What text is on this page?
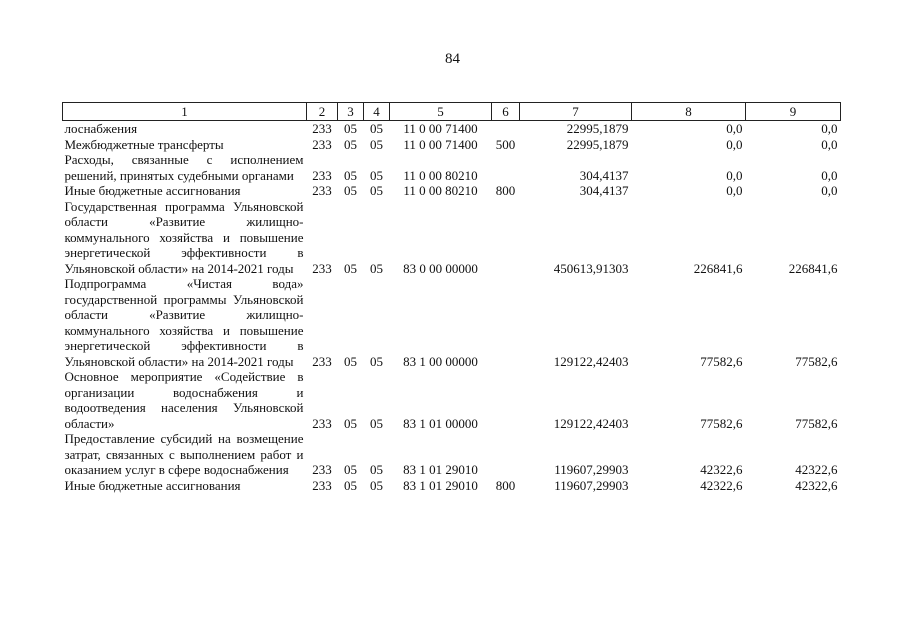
84
1	2	3	4	5	6	7	8	9
лоснабжения	233	05	05	11 0 00 71400		22995,1879	0,0	0,0
Межбюджетные трансферты	233	05	05	11 0 00 71400	500	22995,1879	0,0	0,0
Расходы, связанные с исполнением решений, принятых судебными органами	233	05	05	11 0 00 80210		304,4137	0,0	0,0
Иные бюджетные ассигнования	233	05	05	11 0 00 80210	800	304,4137	0,0	0,0
Государственная программа Ульяновской области «Развитие жилищно-коммунального хозяйства и повышение энергетической эффективности в Ульяновской области» на 2014-2021 годы	233	05	05	83 0 00 00000		450613,91303	226841,6	226841,6
Подпрограмма «Чистая вода» государственной программы Ульяновской области «Развитие жилищно-коммунального хозяйства и повышение энергетической эффективности в Ульяновской области» на 2014-2021 годы	233	05	05	83 1 00 00000		129122,42403	77582,6	77582,6
Основное мероприятие «Содействие в организации водоснабжения и водоотведения населения Ульяновской области»	233	05	05	83 1 01 00000		129122,42403	77582,6	77582,6
Предоставление субсидий на возмещение затрат, связанных с выполнением работ и оказанием услуг в сфере водоснабжения	233	05	05	83 1 01 29010		119607,29903	42322,6	42322,6
Иные бюджетные ассигнования	233	05	05	83 1 01 29010	800	119607,29903	42322,6	42322,6
